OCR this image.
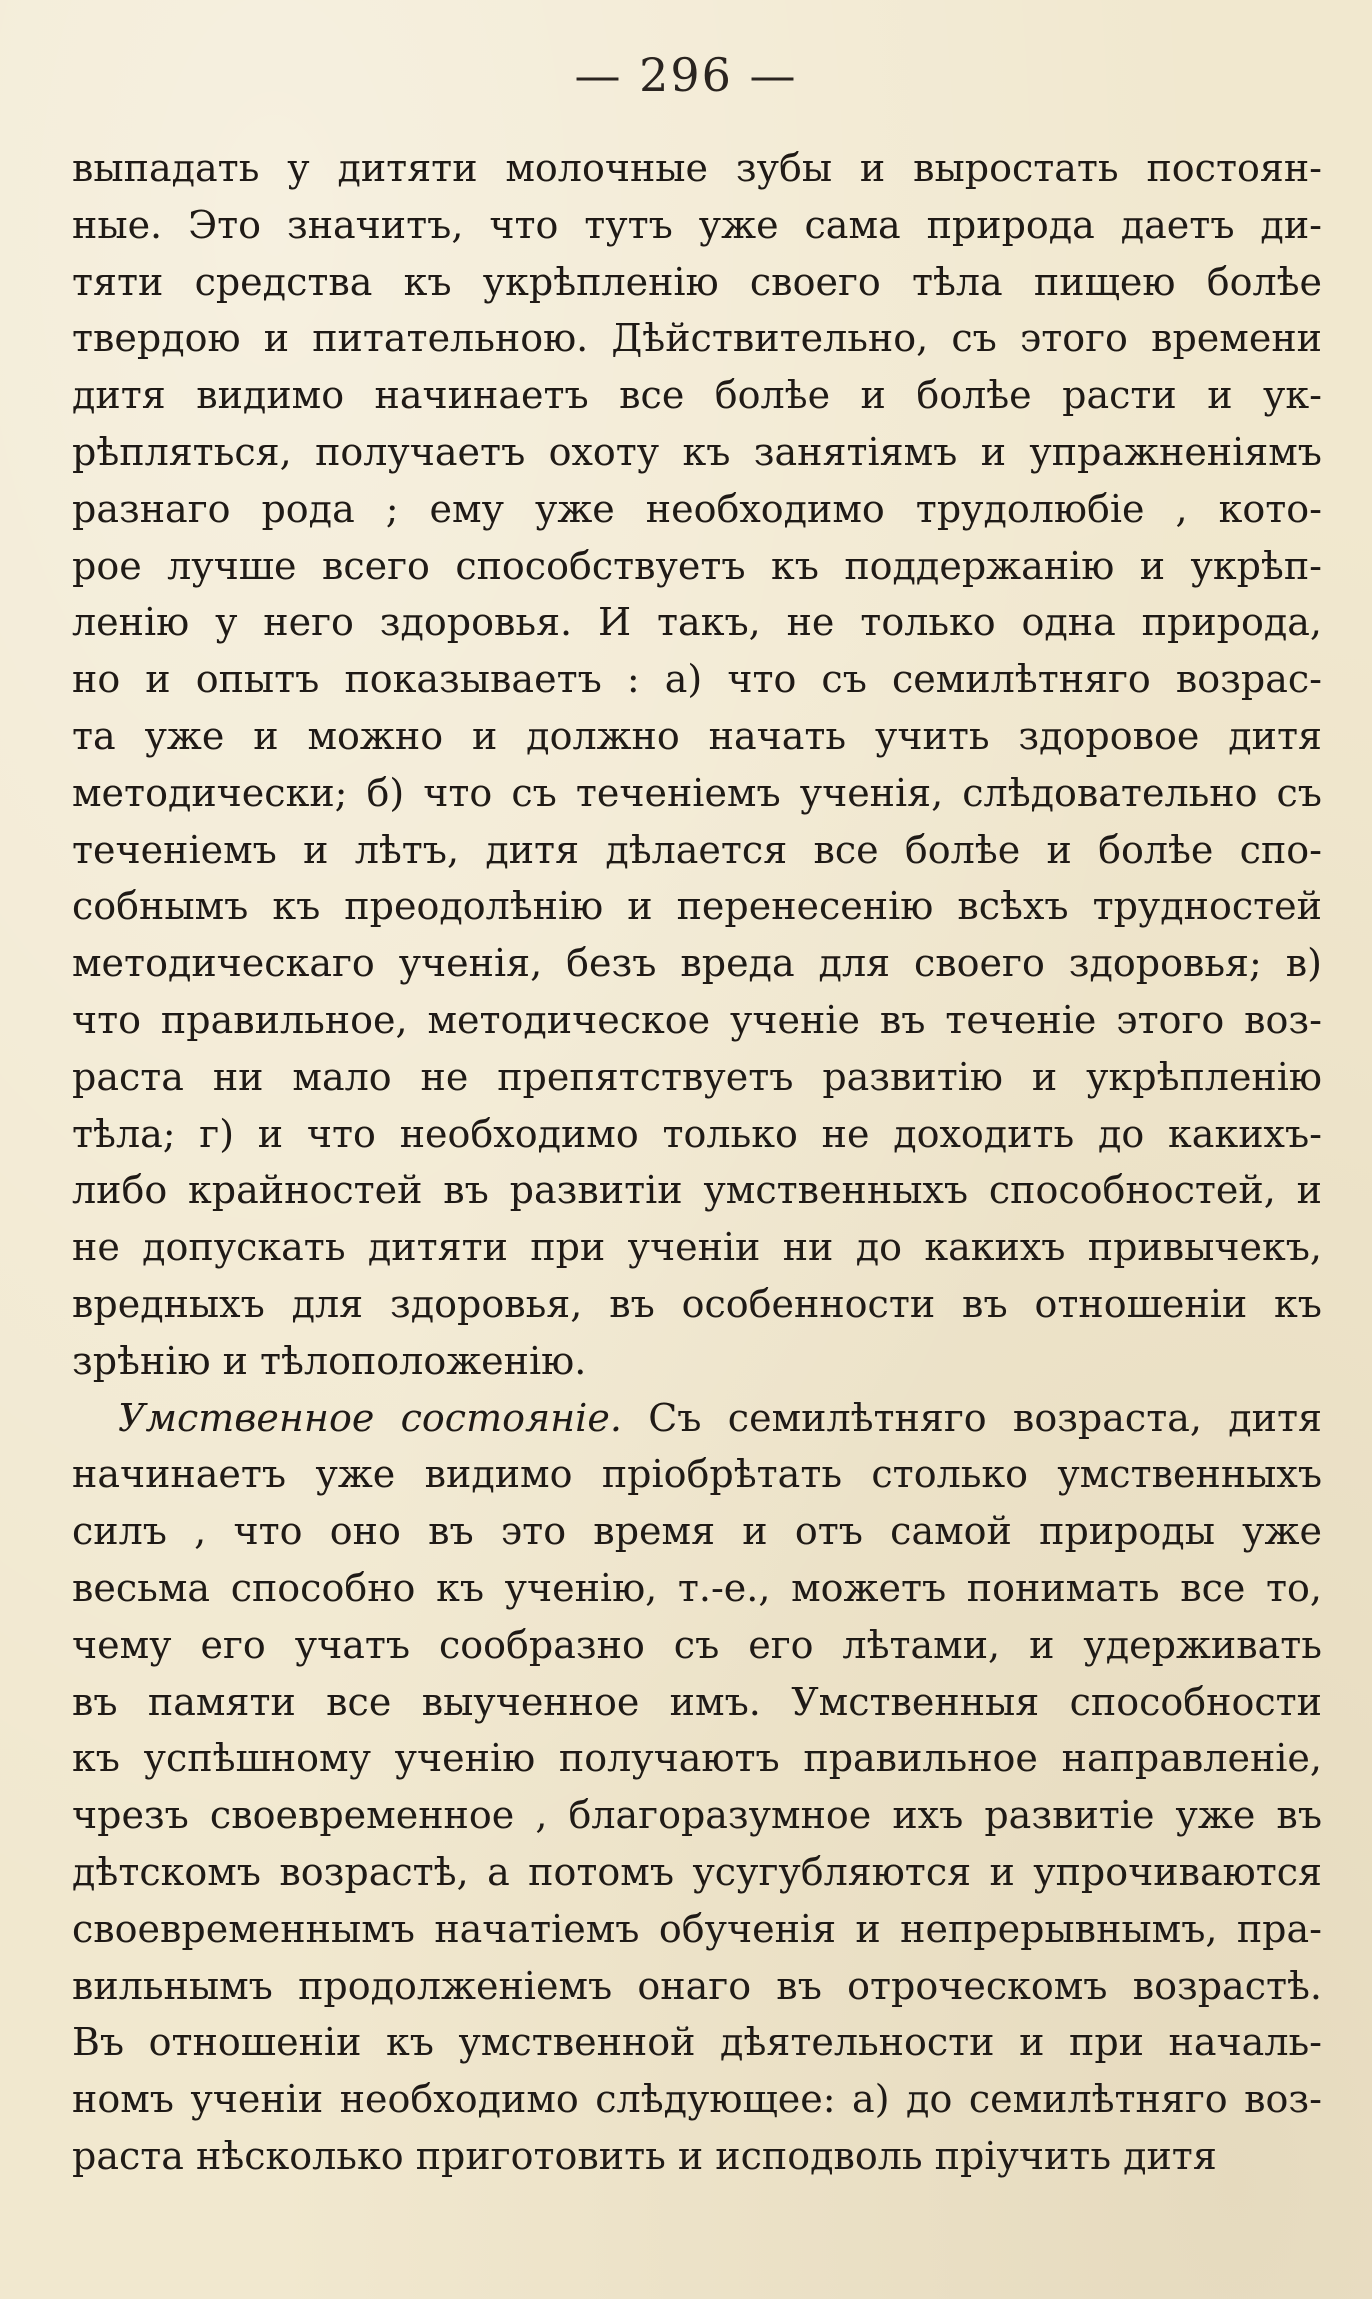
— 296 —
выпадать у дитяти молочные зубы и выростать постоян-
ные. Это значитъ, что тутъ уже сама природа даетъ ди-
тяти средства къ укрѣпленію своего тѣла пищею болѣе
твердою и питательною. Дѣйствительно, съ этого времени
дитя видимо начинаетъ все болѣе и болѣе расти и ук-
рѣпляться, получаетъ охоту къ занятіямъ и упражненіямъ
разнаго рода ; ему уже необходимо трудолюбіе , кото-
рое лучше всего способствуетъ къ поддержанію и укрѣп-
ленію у него здоровья. И такъ, не только одна природа,
но и опытъ показываетъ : а) что съ семилѣтняго возрас-
та уже и можно и должно начать учить здоровое дитя
методически; б) что съ теченіемъ ученія, слѣдовательно съ
теченіемъ и лѣтъ, дитя дѣлается все болѣе и болѣе спо-
собнымъ къ преодолѣнію и перенесенію всѣхъ трудностей
методическаго ученія, безъ вреда для своего здоровья; в)
что правильное, методическое ученіе въ теченіе этого воз-
раста ни мало не препятствуетъ развитію и укрѣпленію
тѣла; г) и что необходимо только не доходить до какихъ-
либо крайностей въ развитіи умственныхъ способностей, и
не допускать дитяти при ученіи ни до какихъ привычекъ,
вредныхъ для здоровья, въ особенности въ отношеніи къ
зрѣнію и тѣлоположенію.
Умственное состояніе. Съ семилѣтняго возраста, дитя
начинаетъ уже видимо пріобрѣтать столько умственныхъ
силъ , что оно въ это время и отъ самой природы уже
весьма способно къ ученію, т.-е., можетъ понимать все то,
чему его учатъ сообразно съ его лѣтами, и удерживать
въ памяти все выученное имъ. Умственныя способности
къ успѣшному ученію получаютъ правильное направленіе,
чрезъ своевременное , благоразумное ихъ развитіе уже въ
дѣтскомъ возрастѣ, а потомъ усугубляются и упрочиваются
своевременнымъ начатіемъ обученія и непрерывнымъ, пра-
вильнымъ продолженіемъ онаго въ отроческомъ возрастѣ.
Въ отношеніи къ умственной дѣятельности и при началь-
номъ ученіи необходимо слѣдующее: а) до семилѣтняго воз-
раста нѣсколько приготовить и исподволь пріучить дитя
